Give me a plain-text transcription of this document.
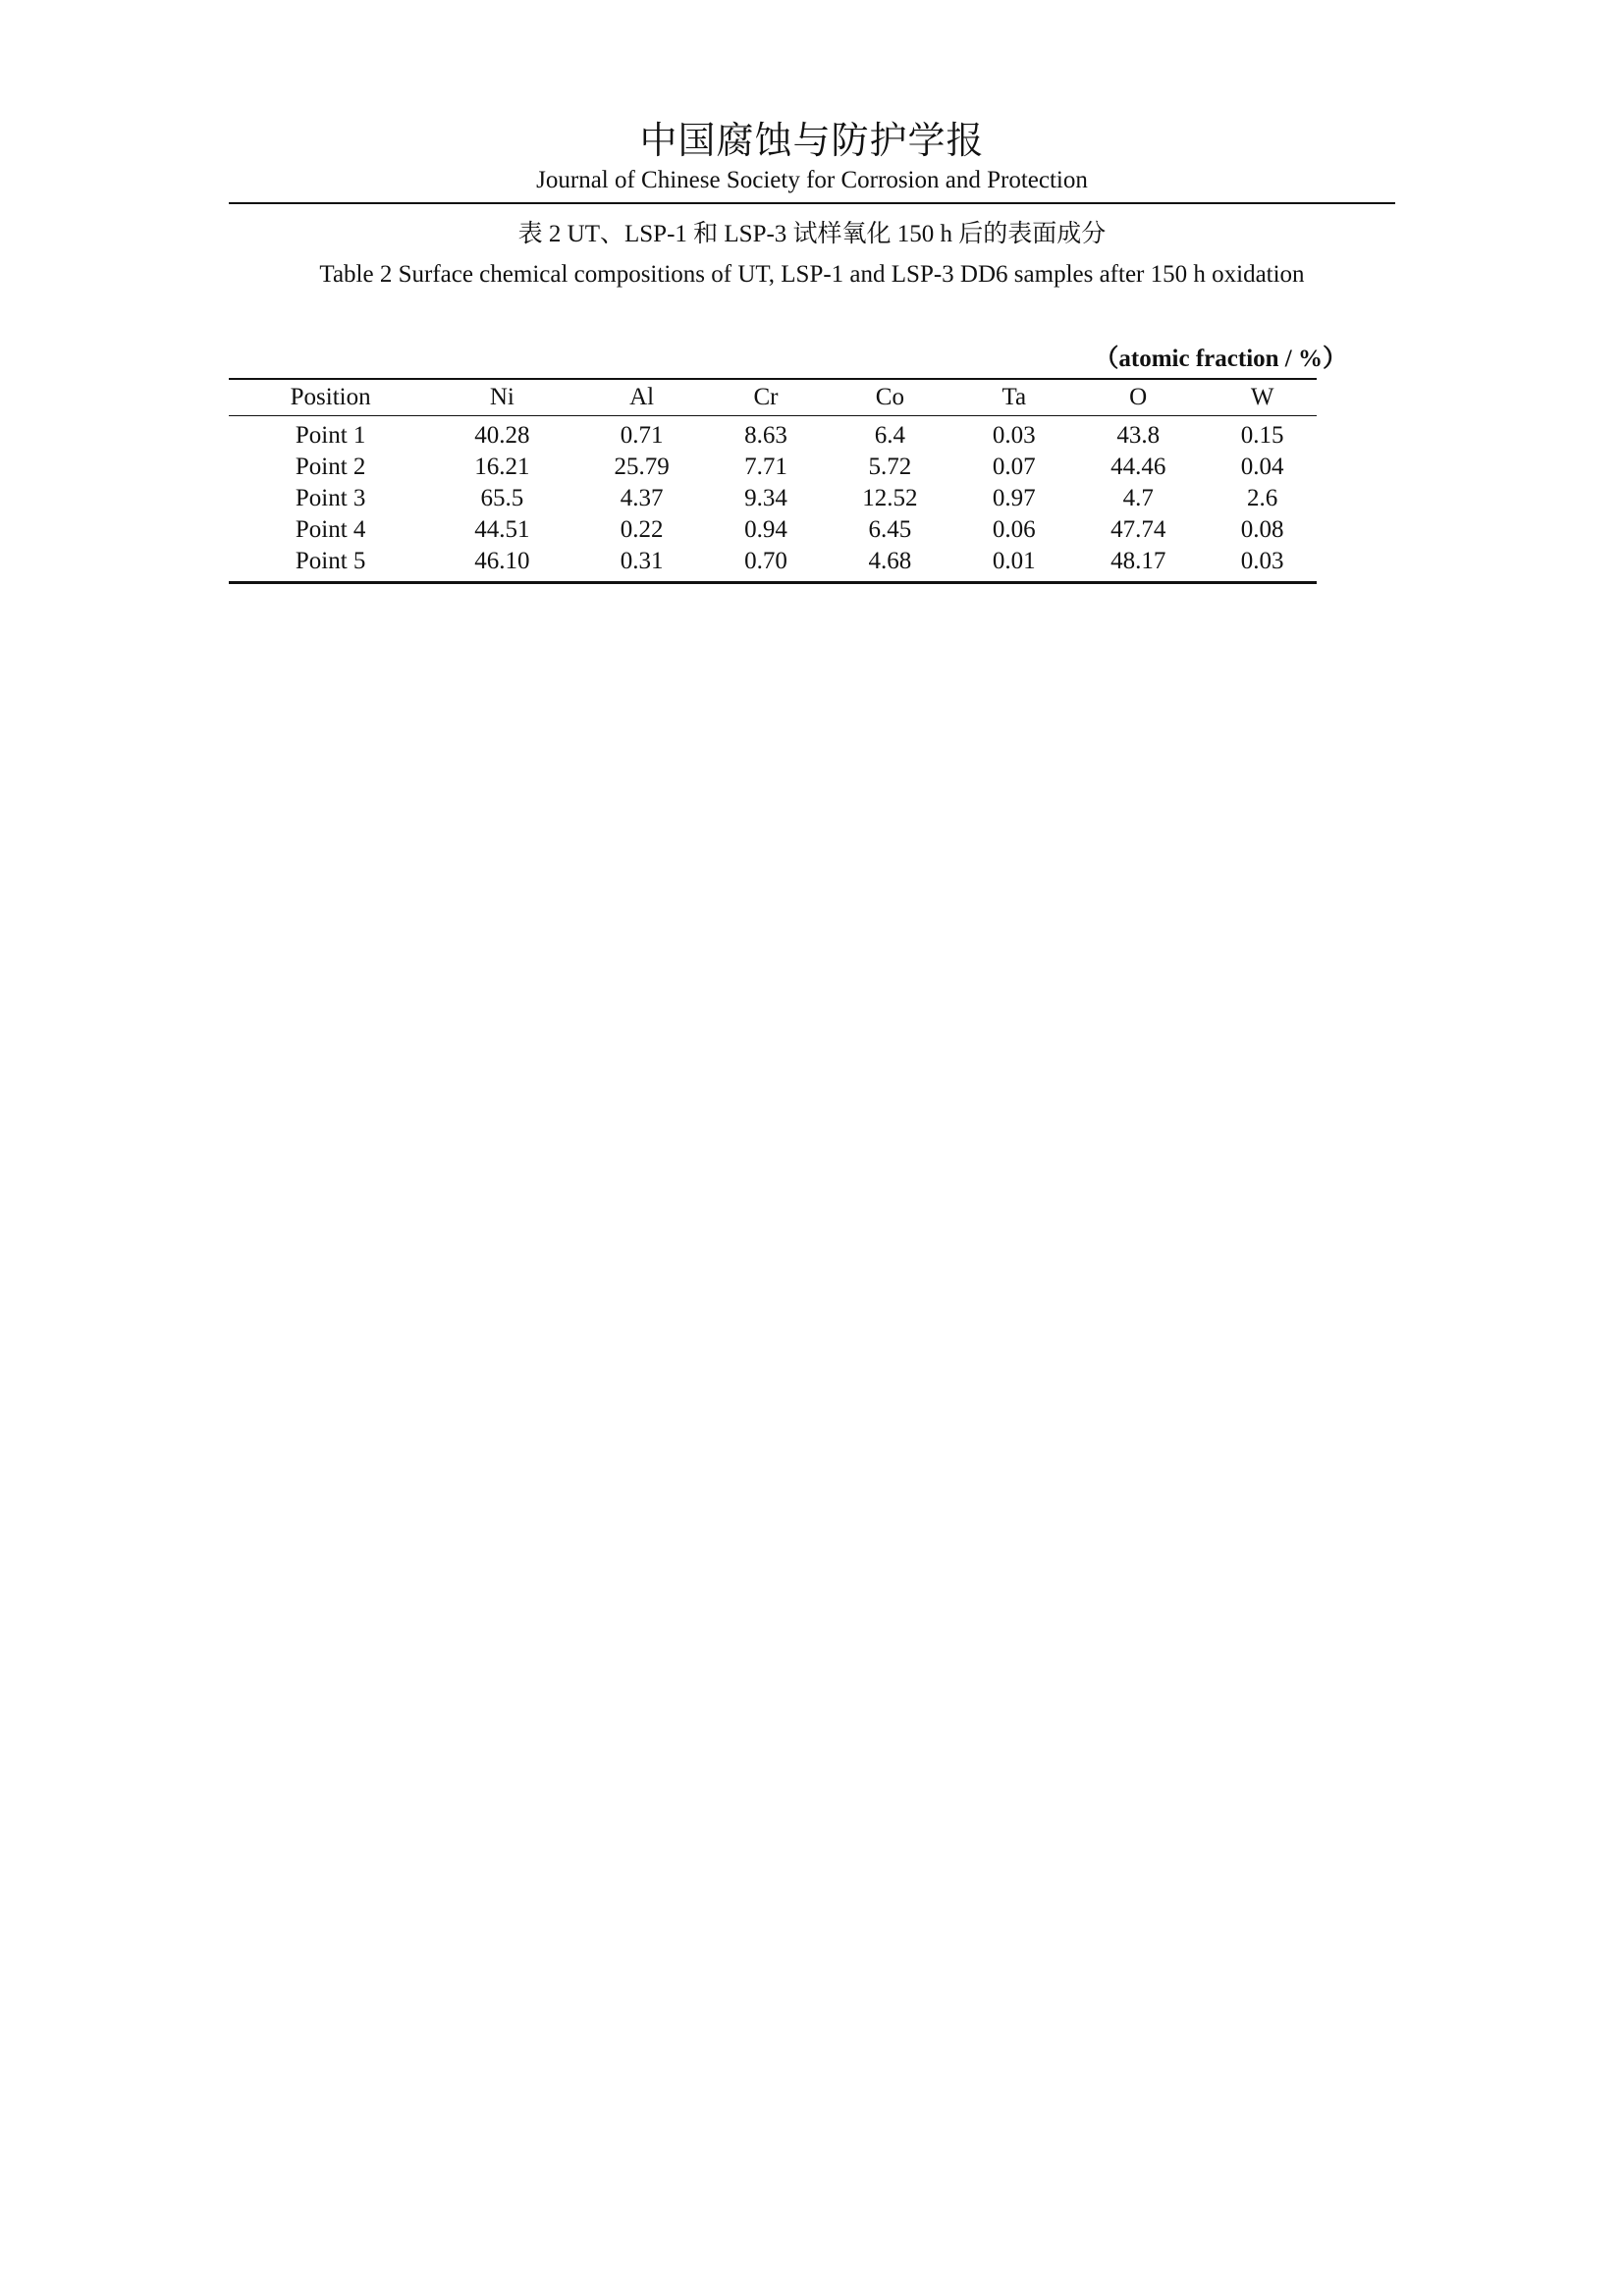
中国腐蚀与防护学报
Journal of Chinese Society for Corrosion and Protection
表 2 UT、LSP-1 和 LSP-3 试样氧化 150 h 后的表面成分
Table 2 Surface chemical compositions of UT, LSP-1 and LSP-3 DD6 samples after 150 h oxidation
（atomic fraction / %）
Position	Ni	Al	Cr	Co	Ta	O	W
Point 1	40.28	0.71	8.63	6.4	0.03	43.8	0.15
Point 2	16.21	25.79	7.71	5.72	0.07	44.46	0.04
Point 3	65.5	4.37	9.34	12.52	0.97	4.7	2.6
Point 4	44.51	0.22	0.94	6.45	0.06	47.74	0.08
Point 5	46.10	0.31	0.70	4.68	0.01	48.17	0.03
